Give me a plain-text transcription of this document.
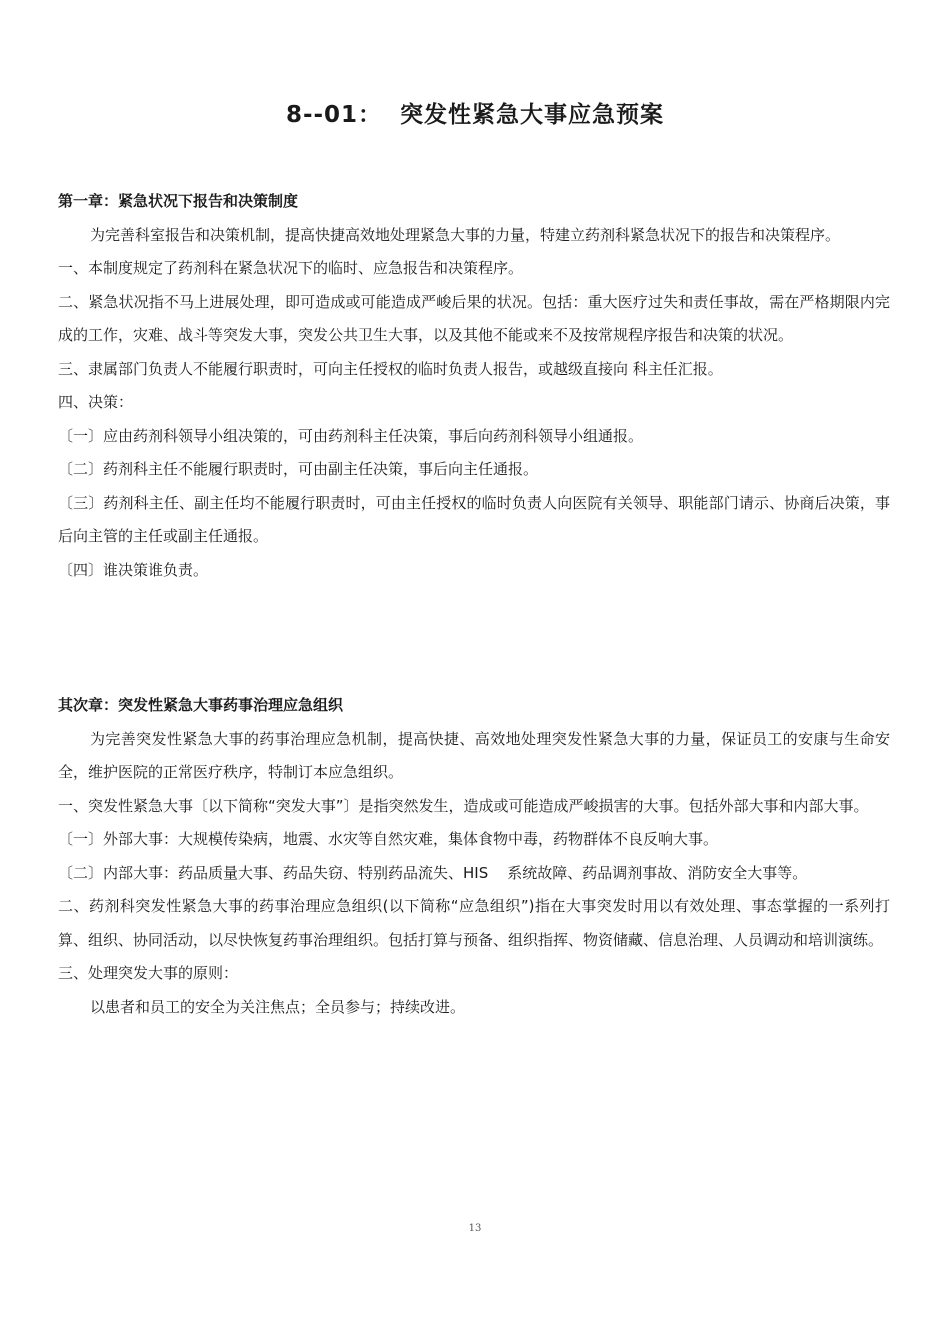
8--01：  突发性紧急大事应急预案

第一章：紧急状况下报告和决策制度

为完善科室报告和决策机制，提高快捷高效地处理紧急大事的力量，特建立药剂科紧急状况下的报告和决策程序。

一、本制度规定了药剂科在紧急状况下的临时、应急报告和决策程序。

二、紧急状况指不马上进展处理，即可造成或可能造成严峻后果的状况。包括：重大医疗过失和责任事故，需在严格期限内完成的工作，灾难、战斗等突发大事，突发公共卫生大事，以及其他不能或来不及按常规程序报告和决策的状况。

三、隶属部门负责人不能履行职责时，可向主任授权的临时负责人报告，或越级直接向 科主任汇报。

四、决策：

〔一〕应由药剂科领导小组决策的，可由药剂科主任决策，事后向药剂科领导小组通报。

〔二〕药剂科主任不能履行职责时，可由副主任决策，事后向主任通报。

〔三〕药剂科主任、副主任均不能履行职责时，可由主任授权的临时负责人向医院有关领导、职能部门请示、协商后决策，事后向主管的主任或副主任通报。

〔四〕谁决策谁负责。

其次章：突发性紧急大事药事治理应急组织

为完善突发性紧急大事的药事治理应急机制，提高快捷、高效地处理突发性紧急大事的力量，保证员工的安康与生命安全，维护医院的正常医疗秩序，特制订本应急组织。

一、突发性紧急大事〔以下简称“突发大事”〕是指突然发生，造成或可能造成严峻损害的大事。包括外部大事和内部大事。

〔一〕外部大事：大规模传染病，地震、水灾等自然灾难，集体食物中毒，药物群体不良反响大事。

〔二〕内部大事：药品质量大事、药品失窃、特别药品流失、HIS    系统故障、药品调剂事故、消防安全大事等。

二、药剂科突发性紧急大事的药事治理应急组织(以下简称“应急组织”)指在大事突发时用以有效处理、事态掌握的一系列打算、组织、协同活动，以尽快恢复药事治理组织。包括打算与预备、组织指挥、物资储藏、信息治理、人员调动和培训演练。

三、处理突发大事的原则：

以患者和员工的安全为关注焦点；全员参与；持续改进。

13
